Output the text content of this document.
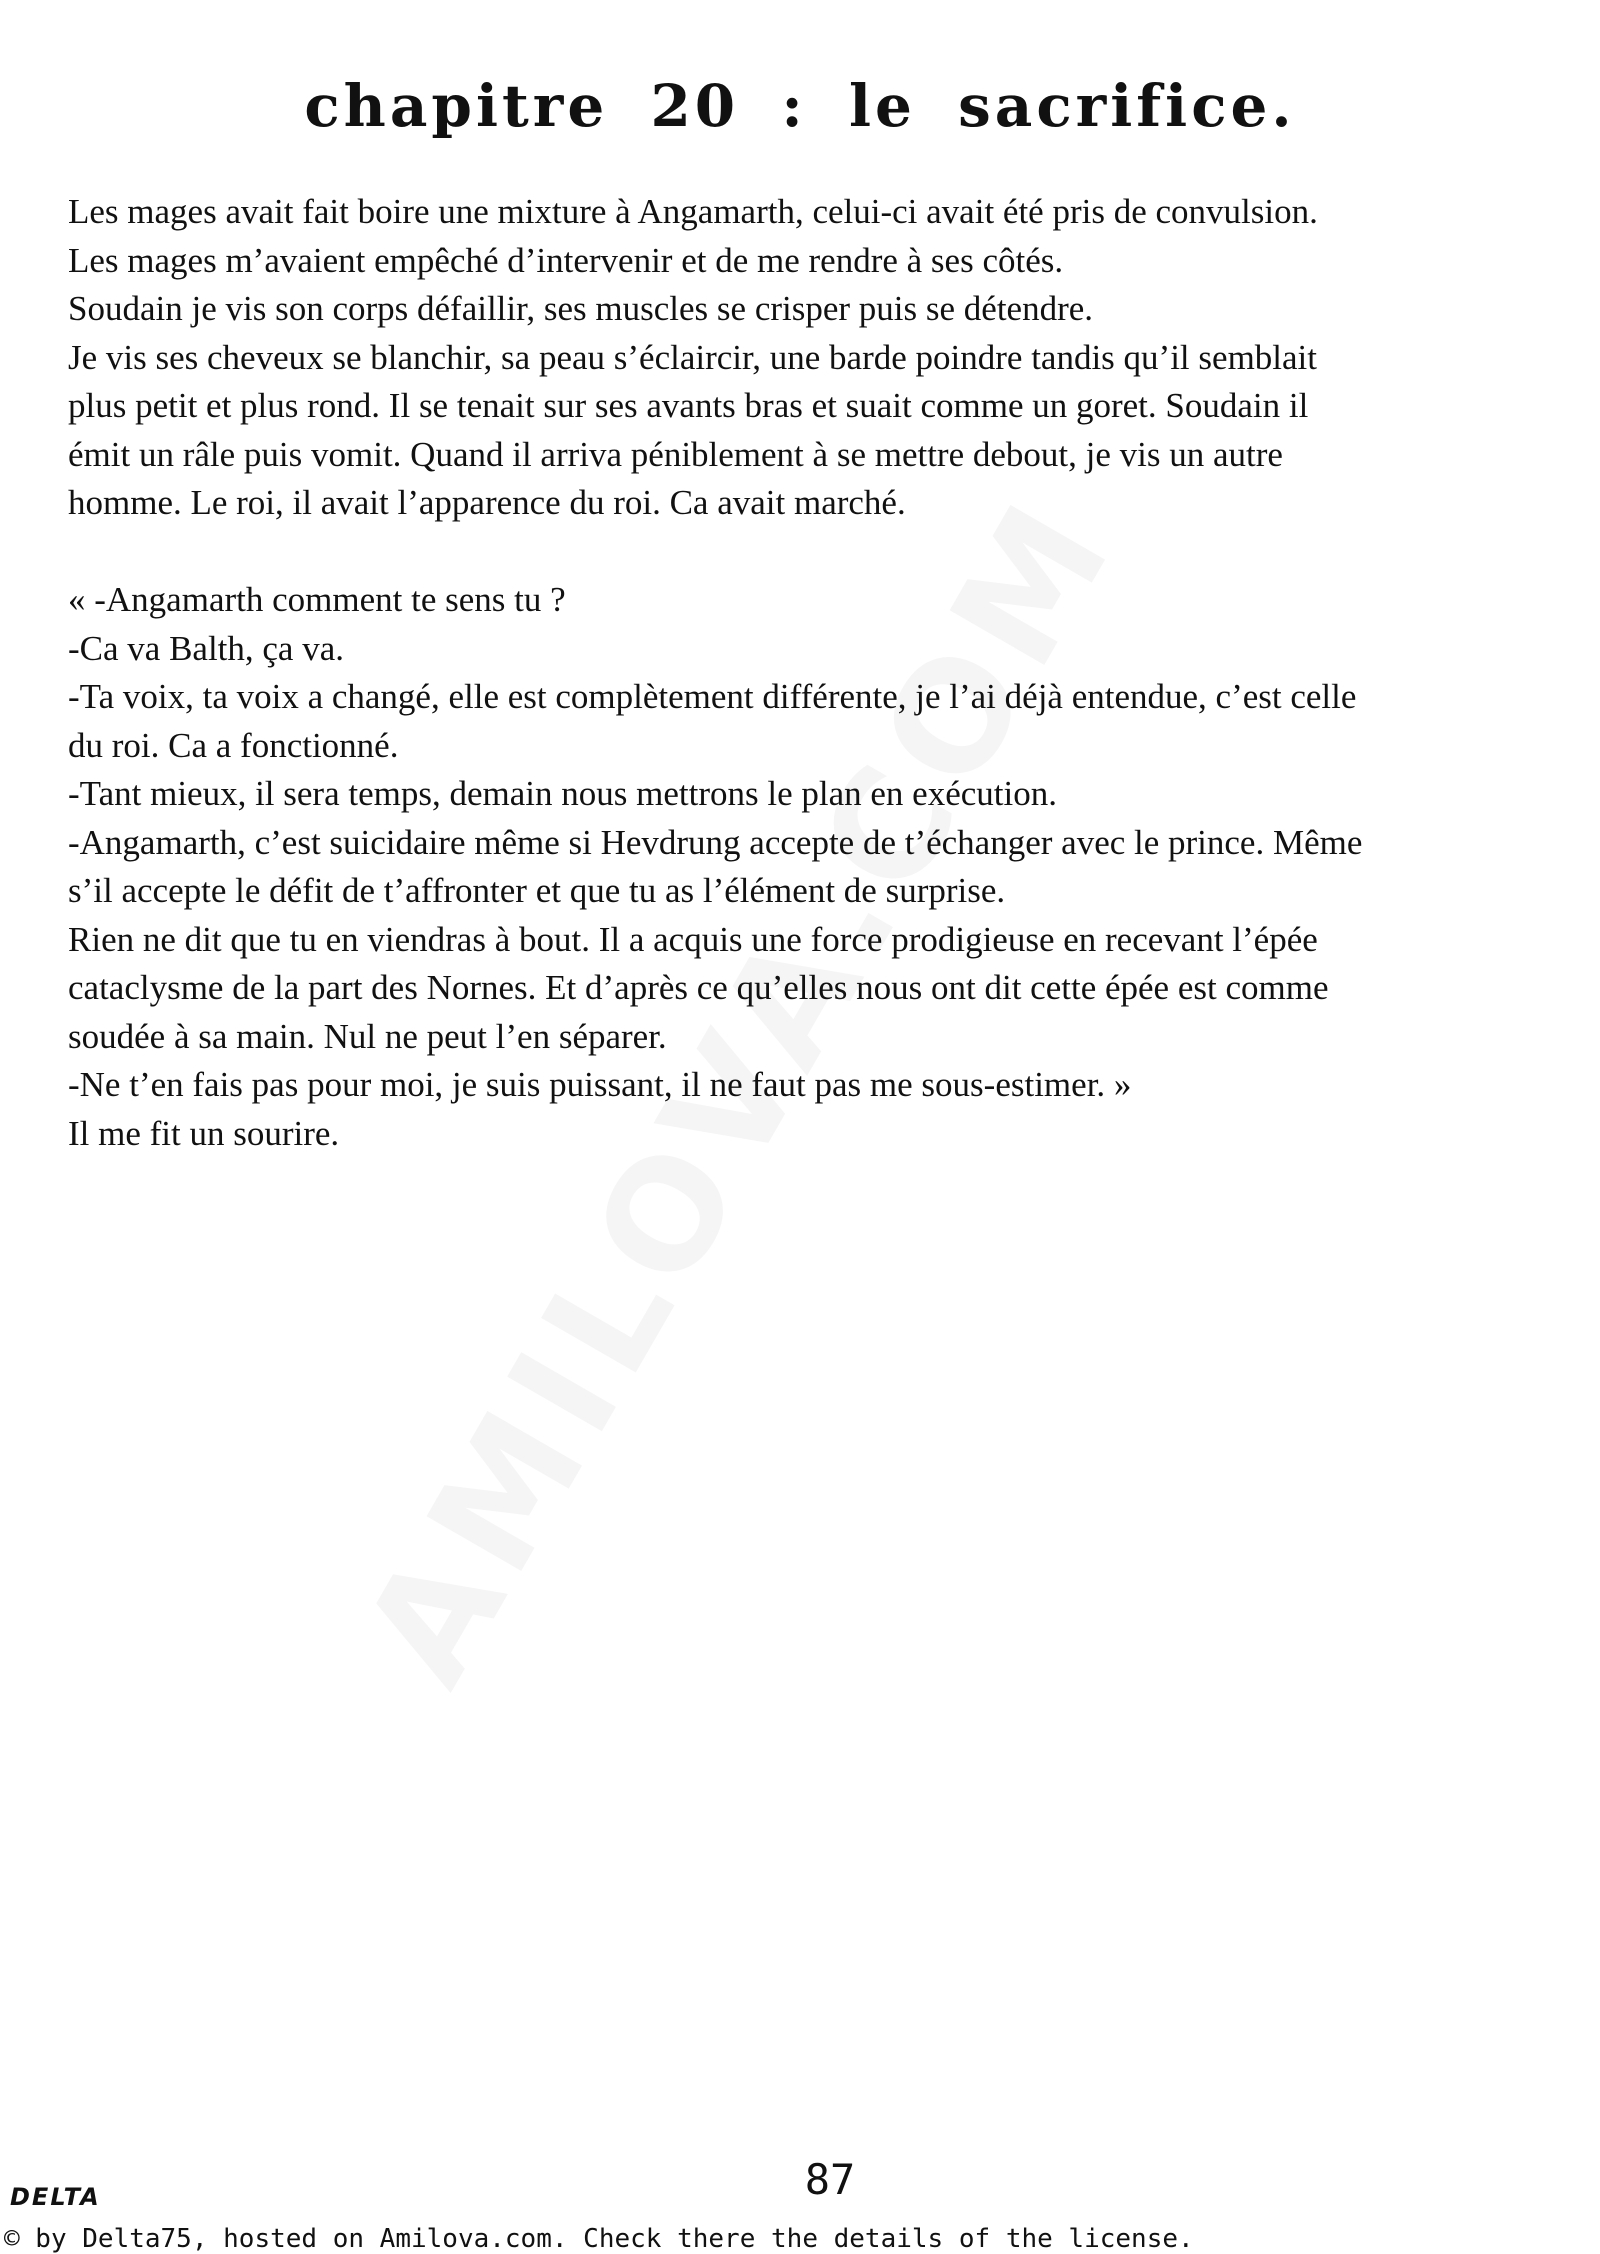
chapitre 20 : le sacrifice.

Les mages avait fait boire une mixture à Angamarth, celui-ci avait été pris de convulsion.
Les mages m’avaient empêché d’intervenir et de me rendre à ses côtés.
Soudain je vis son corps défaillir, ses muscles se crisper puis se détendre.
Je vis ses cheveux se blanchir, sa peau s’éclaircir, une barde poindre tandis qu’il semblait
plus petit et plus rond. Il se tenait sur ses avants bras et suait comme un goret. Soudain il
émit un râle puis vomit. Quand il arriva péniblement à se mettre debout, je vis un autre
homme. Le roi, il avait l’apparence du roi. Ca avait marché.

« -Angamarth comment te sens tu ?
-Ca va Balth, ça va.
-Ta voix, ta voix a changé, elle est complètement différente, je l’ai déjà entendue, c’est celle
du roi. Ca a fonctionné.
-Tant mieux, il sera temps, demain nous mettrons le plan en exécution.
-Angamarth, c’est suicidaire même si Hevdrung accepte de t’échanger avec le prince. Même
s’il accepte le défit de t’affronter et que tu as l’élément de surprise.
Rien ne dit que tu en viendras à bout. Il a acquis une force prodigieuse en recevant l’épée
cataclysme de la part des Nornes. Et d’après ce qu’elles nous ont dit cette épée est comme
soudée à sa main. Nul ne peut l’en séparer.
-Ne t’en fais pas pour moi, je suis puissant, il ne faut pas me sous-estimer. »
Il me fit un sourire.

DELTA	87
© by Delta75, hosted on Amilova.com. Check there the details of the license.
